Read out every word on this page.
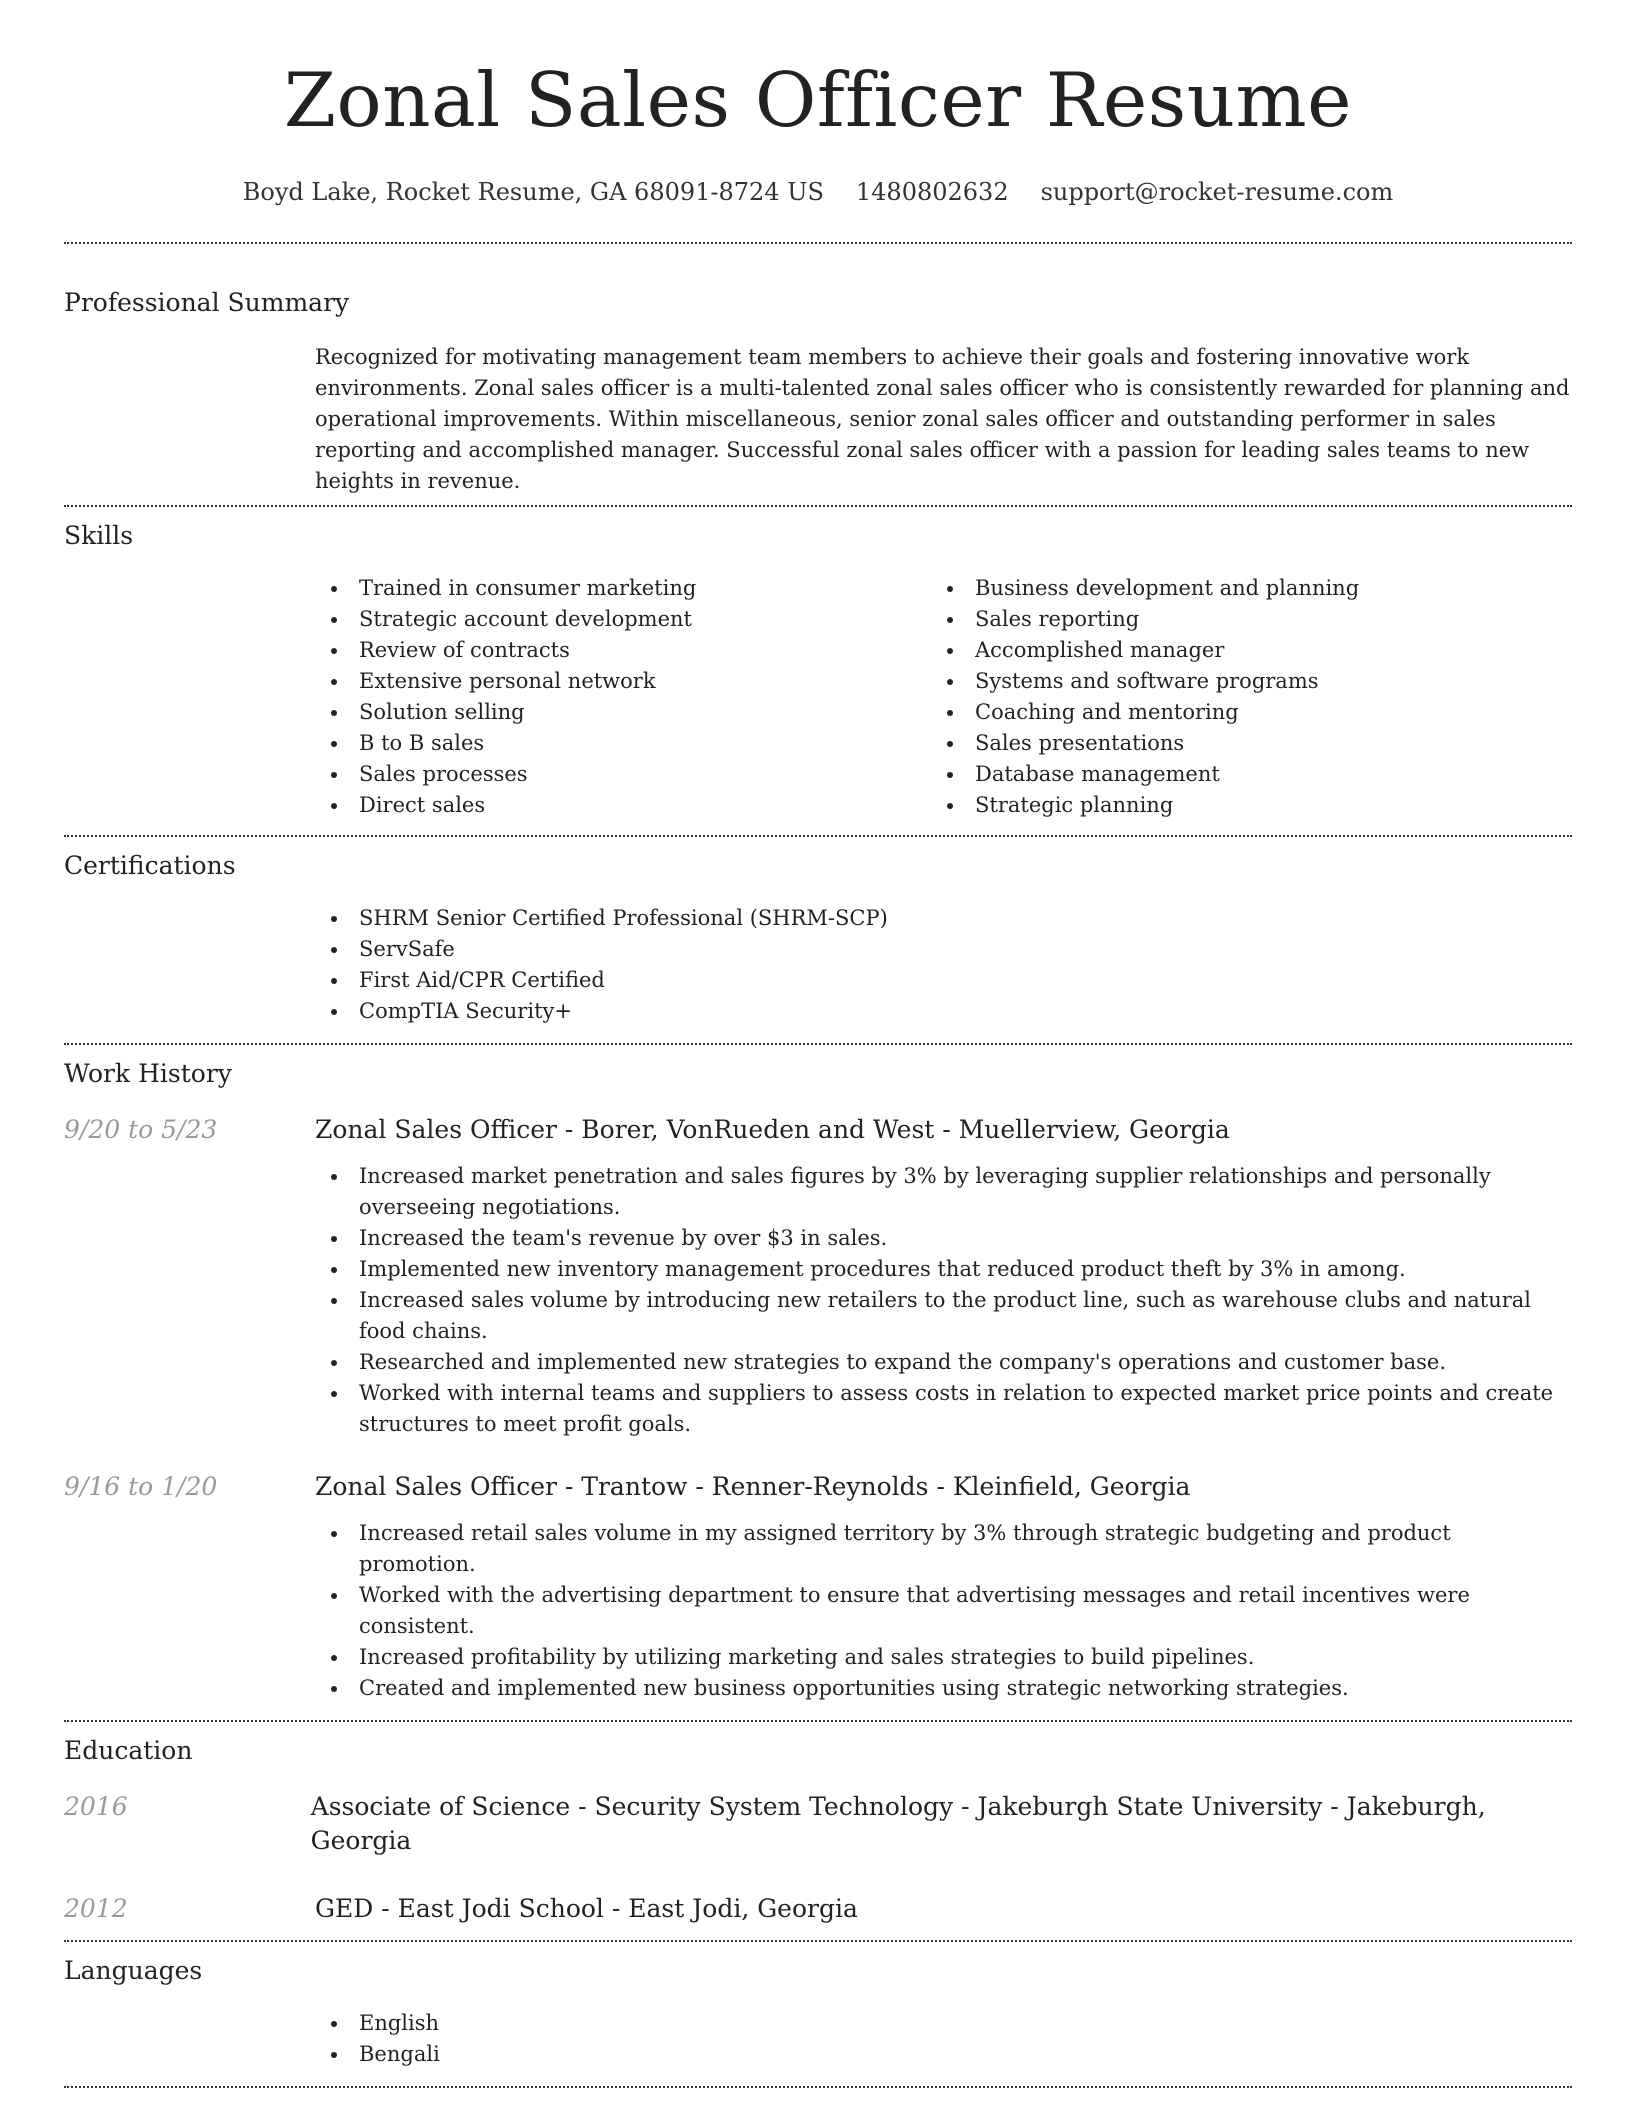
Zonal Sales Officer Resume
Boyd Lake, Rocket Resume, GA 68091-8724 US 1480802632 support@rocket-resume.com
Professional Summary

Recognized for motivating management team members to achieve their goals and fostering innovative work environments. Zonal sales officer is a multi-talented zonal sales officer who is consistently rewarded for planning and operational improvements. Within miscellaneous, senior zonal sales officer and outstanding performer in sales reporting and accomplished manager. Successful zonal sales officer with a passion for leading sales teams to new heights in revenue.

Skills
Trained in consumer marketing
Strategic account development
Review of contracts
Extensive personal network
Solution selling
B to B sales
Sales processes
Direct sales
Business development and planning
Sales reporting
Accomplished manager
Systems and software programs
Coaching and mentoring
Sales presentations
Database management
Strategic planning
Certifications
SHRM Senior Certified Professional (SHRM-SCP)
ServSafe
First Aid/CPR Certified
CompTIA Security+
Work History
9/20 to 5/23	Zonal Sales Officer - Borer, VonRueden and West - Muellerview, Georgia
Increased market penetration and sales figures by 3% by leveraging supplier relationships and personally overseeing negotiations.
Increased the team's revenue by over $3 in sales.
Implemented new inventory management procedures that reduced product theft by 3% in among.
Increased sales volume by introducing new retailers to the product line, such as warehouse clubs and natural food chains.
Researched and implemented new strategies to expand the company's operations and customer base.
Worked with internal teams and suppliers to assess costs in relation to expected market price points and create structures to meet profit goals.
9/16 to 1/20	Zonal Sales Officer - Trantow - Renner-Reynolds - Kleinfield, Georgia
Increased retail sales volume in my assigned territory by 3% through strategic budgeting and product promotion.
Worked with the advertising department to ensure that advertising messages and retail incentives were consistent.
Increased profitability by utilizing marketing and sales strategies to build pipelines.
Created and implemented new business opportunities using strategic networking strategies.
Education
2016	Associate of Science - Security System Technology - Jakeburgh State University - Jakeburgh, Georgia
2012	GED - East Jodi School - East Jodi, Georgia
Languages
English
Bengali
